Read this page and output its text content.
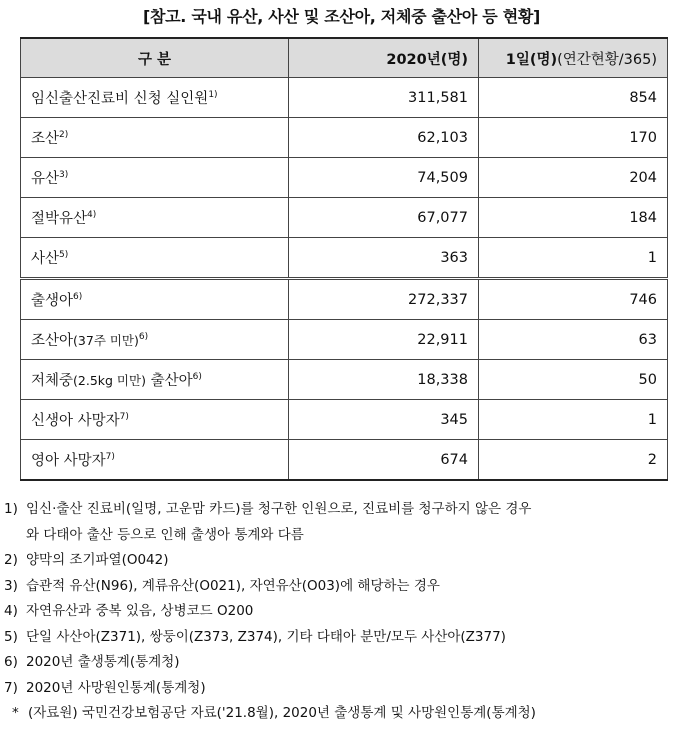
[참고. 국내 유산, 사산 및 조산아, 저체중 출산아 등 현황]
구 분	2020년(명)	1일(명)(연간현황/365)
임신출산진료비 신청 실인원$^{1)}$	311,581	854
조산$^{2)}$	62,103	170
유산$^{3)}$	74,509	204
절박유산$^{4)}$	67,077	184
사산$^{5)}$	363	1
출생아$^{6)}$	272,337	746
조산아(37주 미만)$^{6)}$	22,911	63
저체중(2.5kg 미만) 출산아$^{6)}$	18,338	50
신생아 사망자$^{7)}$	345	1
영아 사망자$^{7)}$	674	2
1) 임신·출산 진료비(일명, 고운맘 카드)를 청구한 인원으로, 진료비를 청구하지 않은 경우
와 다태아 출산 등으로 인해 출생아 통계와 다름
2) 양막의 조기파열(O042)
3) 습관적 유산(N96), 계류유산(O021), 자연유산(O03)에 해당하는 경우
4) 자연유산과 중복 있음, 상병코드 O200
5) 단일 사산아(Z371), 쌍둥이(Z373, Z374), 기타 다태아 분만/모두 사산아(Z377)
6) 2020년 출생통계(통계청)
7) 2020년 사망원인통계(통계청)
* (자료원) 국민건강보험공단 자료('21.8월), 2020년 출생통계 및 사망원인통계(통계청)
